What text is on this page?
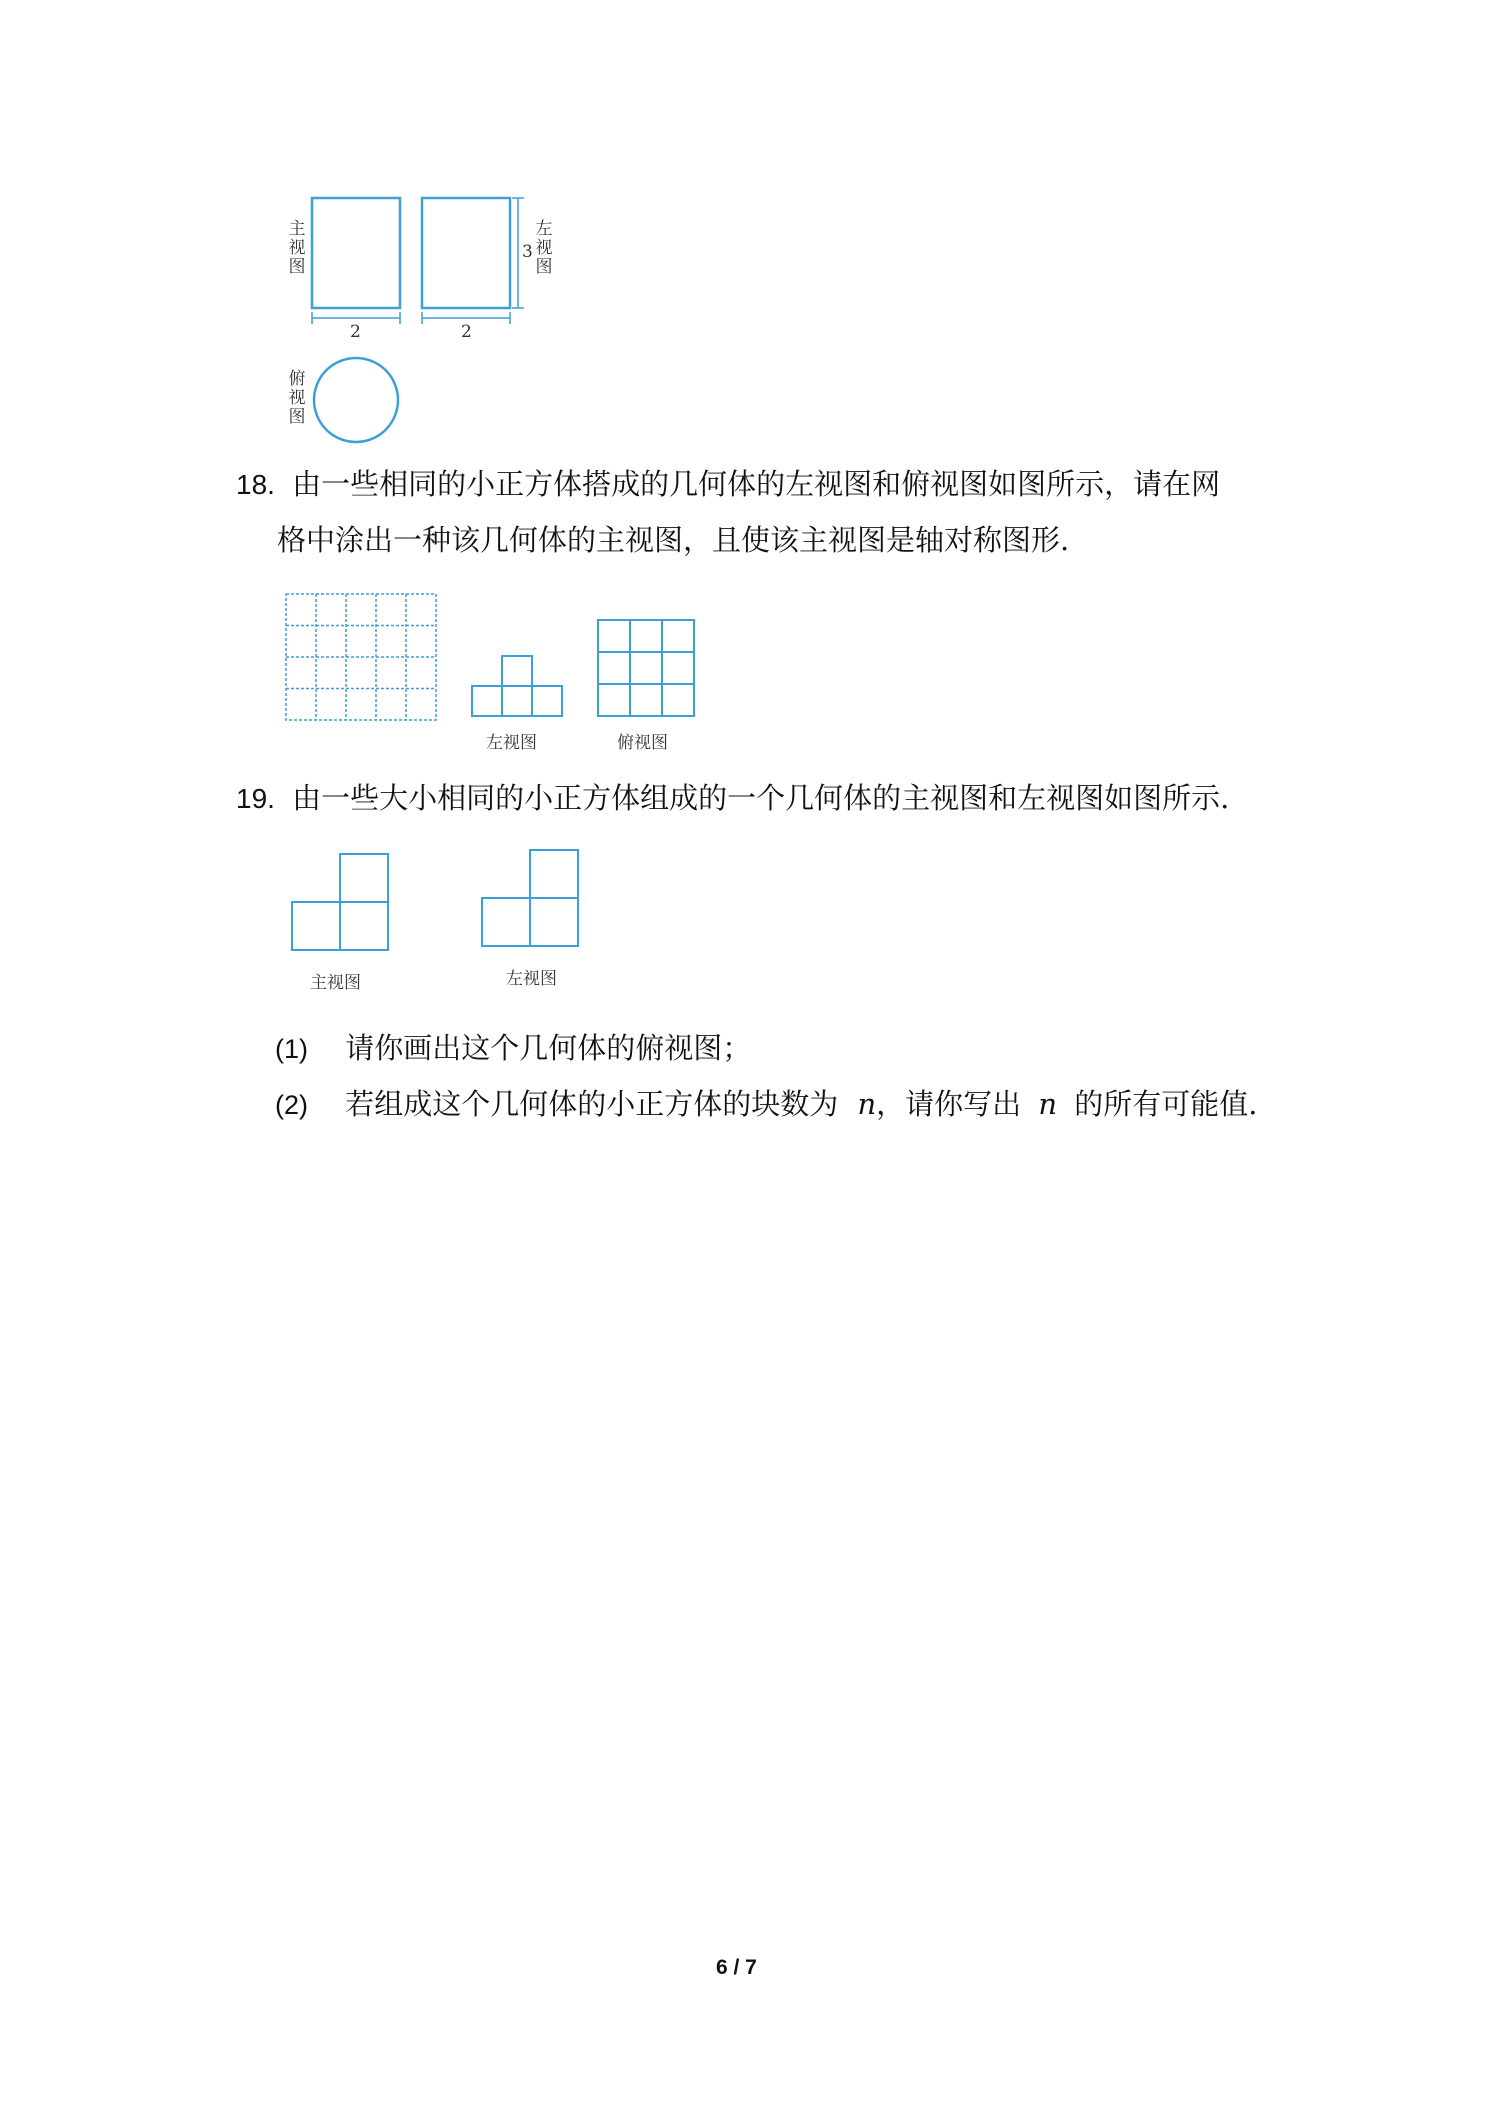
主视图
左视图
俯视图
2	2
3
18. 由一些相同的小正方体搭成的几何体的左视图和俯视图如图所示，请在网
格中涂出一种该几何体的主视图，且使该主视图是轴对称图形.
左视图	俯视图
19. 由一些大小相同的小正方体组成的一个几何体的主视图和左视图如图所示.
主视图	左视图
(1) 请你画出这个几何体的俯视图；
(2) 若组成这个几何体的小正方体的块数为 n，请你写出 n 的所有可能值.
6 / 7
